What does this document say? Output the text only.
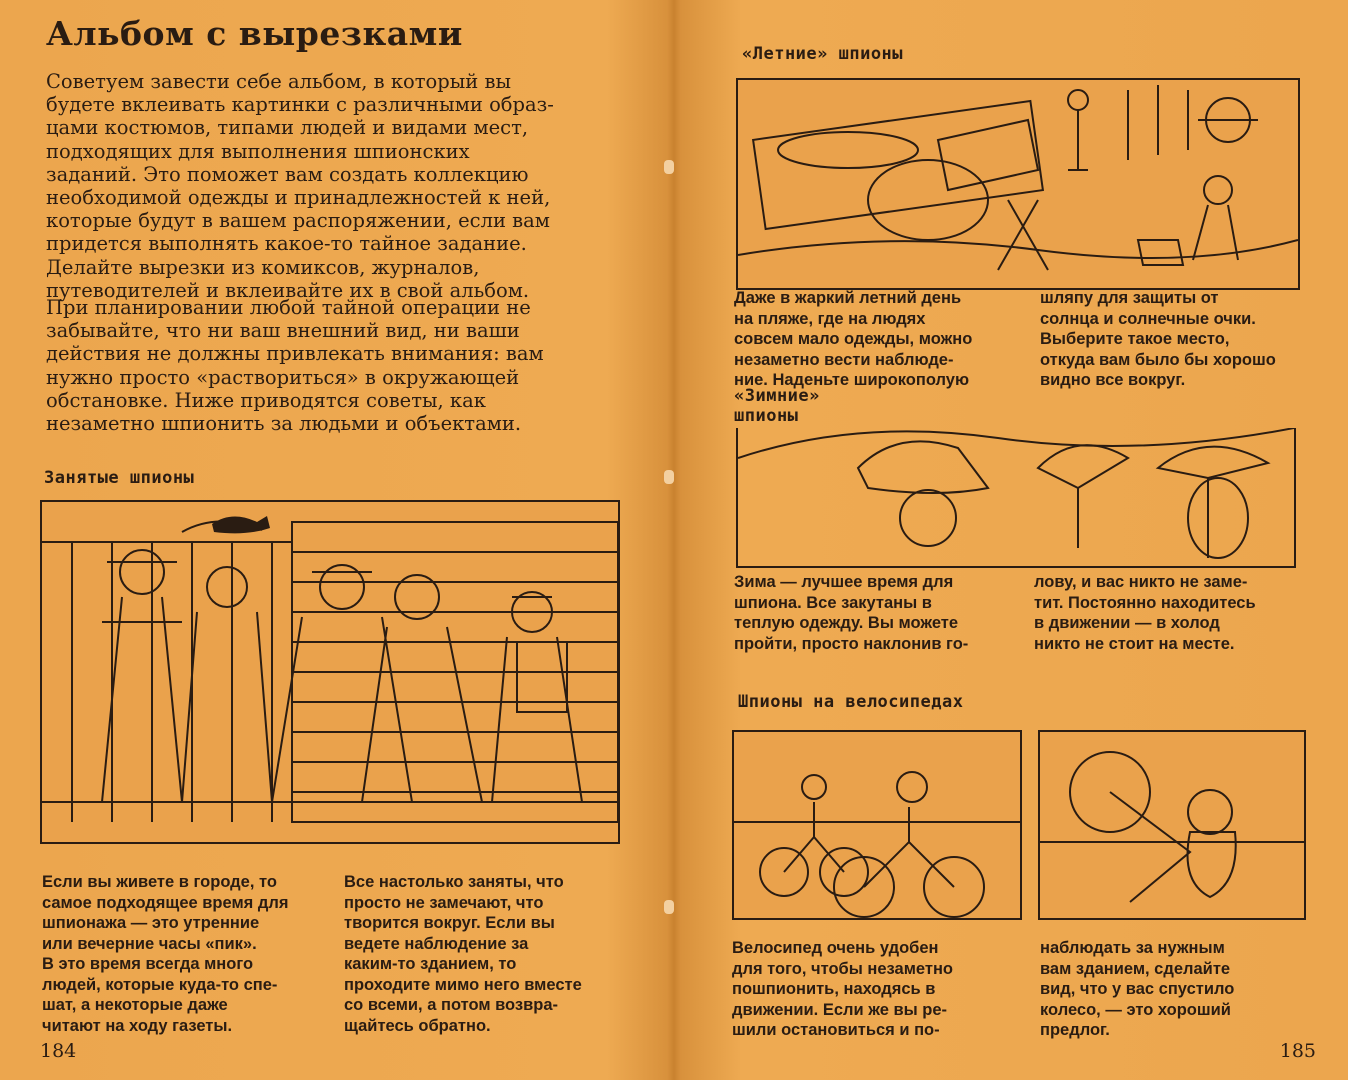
Альбом с вырезками

Советуем завести себе альбом, в который вы
будете вклеивать картинки с различными образ-
цами костюмов, типами людей и видами мест,
подходящих для выполнения шпионских
заданий. Это поможет вам создать коллекцию
необходимой одежды и принадлежностей к ней,
которые будут в вашем распоряжении, если вам
придется выполнять какое-то тайное задание.
Делайте вырезки из комиксов, журналов,
путеводителей и вклеивайте их в свой альбом.

При планировании любой тайной операции не
забывайте, что ни ваш внешний вид, ни ваши
действия не должны привлекать внимания: вам
нужно просто «раствориться» в окружающей
обстановке. Ниже приводятся советы, как
незаметно шпионить за людьми и объектами.

Занятые шпионы

Если вы живете в городе, то
самое подходящее время для
шпионажа — это утренние
или вечерние часы «пик».
В это время всегда много
людей, которые куда-то спе-
шат, а некоторые даже
читают на ходу газеты.

Все настолько заняты, что
просто не замечают, что
творится вокруг. Если вы
ведете наблюдение за
каким-то зданием, то
проходите мимо него вместе
со всеми, а потом возвра-
щайтесь обратно.

184
«Летние» шпионы

Даже в жаркий летний день
на пляже, где на людях
совсем мало одежды, можно
незаметно вести наблюде-
ние. Наденьте широкополую

шляпу для защиты от
солнца и солнечные очки.
Выберите такое место,
откуда вам было бы хорошо
видно все вокруг.

«Зимние»
шпионы

Зима — лучшее время для
шпиона. Все закутаны в
теплую одежду. Вы можете
пройти, просто наклонив го-

лову, и вас никто не заме-
тит. Постоянно находитесь
в движении — в холод
никто не стоит на месте.

Шпионы на велосипедах

Велосипед очень удобен
для того, чтобы незаметно
пошпионить, находясь в
движении. Если же вы ре-
шили остановиться и по-

наблюдать за нужным
вам зданием, сделайте
вид, что у вас спустило
колесо, — это хороший
предлог.

185
